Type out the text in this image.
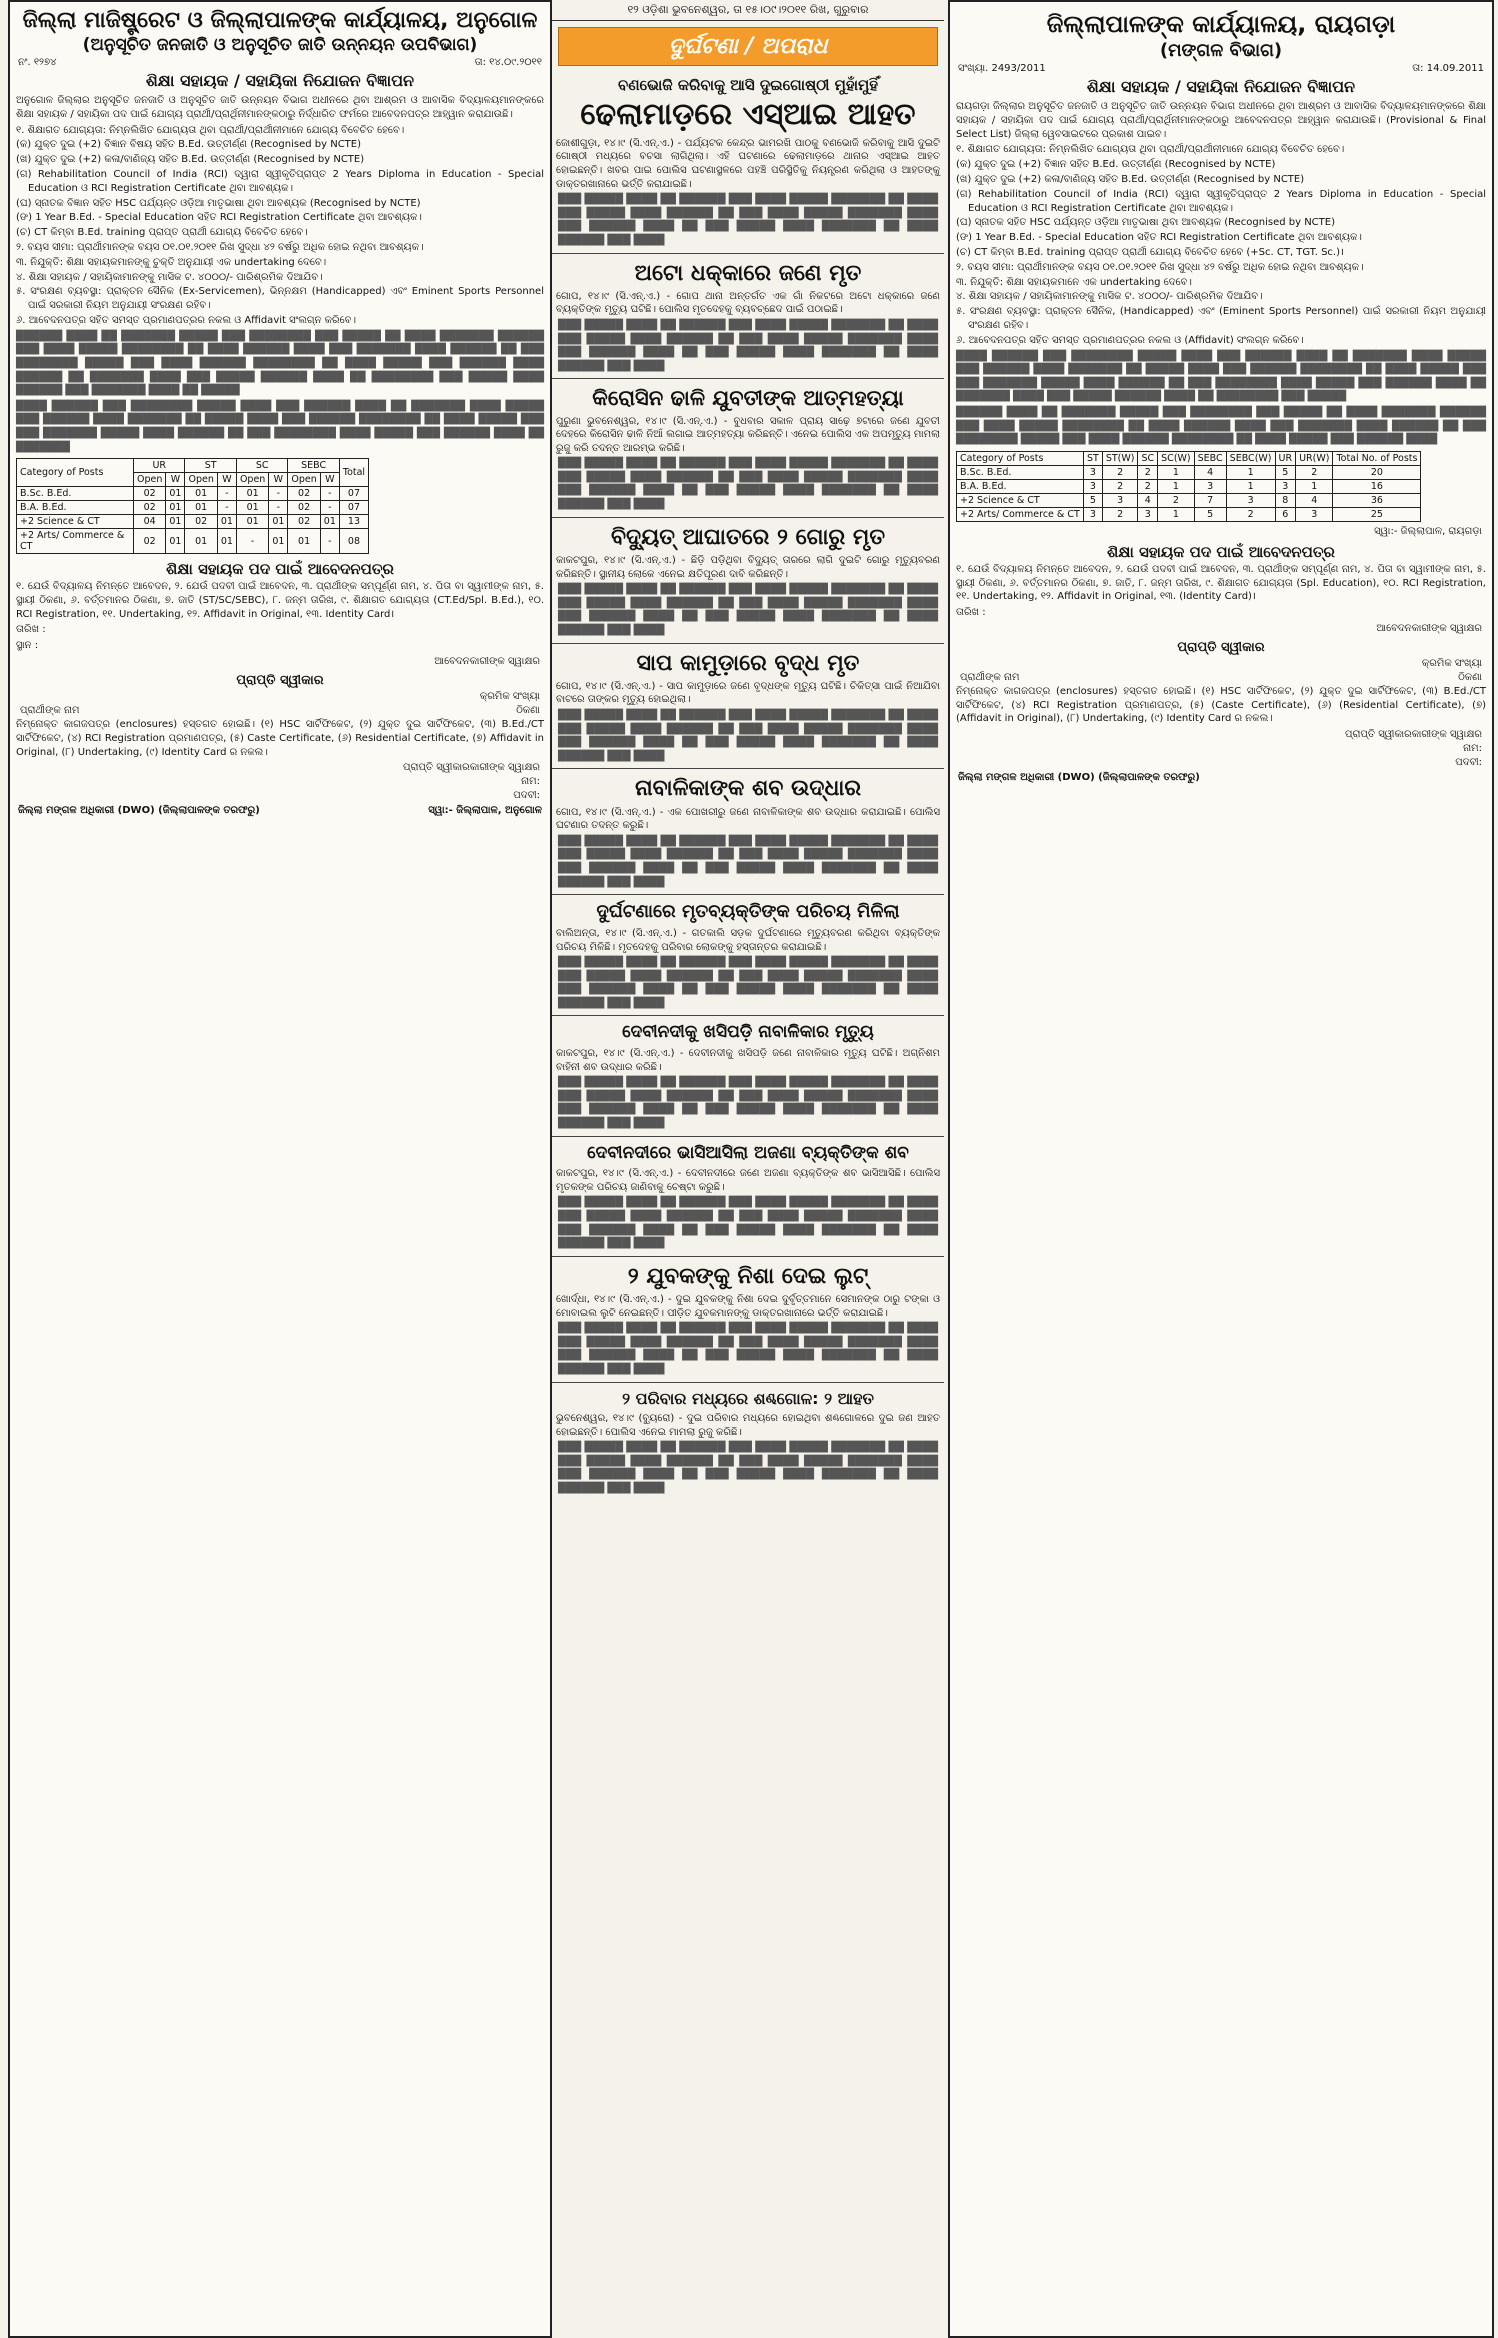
ଜିଲ୍ଲା ମାଜିଷ୍ଟ୍ରେଟ ଓ ଜିଲ୍ଲାପାଳଙ୍କ କାର୍ଯ୍ୟାଳୟ, ଅନୁଗୋଳ
(ଅନୁସୂଚିତ ଜନଜାତି ଓ ଅନୁସୂଚିତ ଜାତି ଉନ୍ନୟନ ଉପବିଭାଗ)
ନଂ. ୧୨୭୪	ତା: ୧୪.୦୯.୨୦୧୧
ଶିକ୍ଷା ସହାୟକ / ସହାୟିକା ନିଯୋଜନ ବିଜ୍ଞାପନ
ଅନୁଗୋଳ ଜିଲ୍ଲାର ଅନୁସୂଚିତ ଜନଜାତି ଓ ଅନୁସୂଚିତ ଜାତି ଉନ୍ନୟନ ବିଭାଗ ଅଧୀନରେ ଥିବା ଆଶ୍ରମ ଓ ଆବାସିକ ବିଦ୍ୟାଳୟମାନଙ୍କରେ ଶିକ୍ଷା ସହାୟକ / ସହାୟିକା ପଦ ପାଇଁ ଯୋଗ୍ୟ ପ୍ରାର୍ଥୀ/ପ୍ରାର୍ଥିନୀମାନଙ୍କଠାରୁ ନିର୍ଦ୍ଧାରିତ ଫର୍ମରେ ଆବେଦନପତ୍ର ଆହ୍ୱାନ କରାଯାଉଛି।
୧. ଶିକ୍ଷାଗତ ଯୋଗ୍ୟତା: ନିମ୍ନଲିଖିତ ଯୋଗ୍ୟତା ଥିବା ପ୍ରାର୍ଥୀ/ପ୍ରାର୍ଥୀନୀମାନେ ଯୋଗ୍ୟ ବିବେଚିତ ହେବେ।
(କ) ଯୁକ୍ତ ଦୁଇ (+2) ବିଜ୍ଞାନ ବିଷୟ ସହିତ B.Ed. ଉତ୍ତୀର୍ଣ୍ଣ (Recognised by NCTE)
(ଖ) ଯୁକ୍ତ ଦୁଇ (+2) କଳା/ବାଣିଜ୍ୟ ସହିତ B.Ed. ଉତ୍ତୀର୍ଣ୍ଣ (Recognised by NCTE)
(ଗ) Rehabilitation Council of India (RCI) ଦ୍ୱାରା ସ୍ୱୀକୃତିପ୍ରାପ୍ତ 2 Years Diploma in Education - Special Education ଓ RCI Registration Certificate ଥିବା ଆବଶ୍ୟକ।
(ଘ) ସ୍ନାତକ ବିଜ୍ଞାନ ସହିତ HSC ପର୍ଯ୍ୟନ୍ତ ଓଡ଼ିଆ ମାତୃଭାଷା ଥିବା ଆବଶ୍ୟକ (Recognised by NCTE)
(ଙ) 1 Year B.Ed. - Special Education ସହିତ RCI Registration Certificate ଥିବା ଆବଶ୍ୟକ।
(ଚ) CT କିମ୍ବା B.Ed. training ପ୍ରାପ୍ତ ପ୍ରାର୍ଥୀ ଯୋଗ୍ୟ ବିବେଚିତ ହେବେ।
୨. ବୟସ ସୀମା: ପ୍ରାର୍ଥୀମାନଙ୍କ ବୟସ ୦୧.୦୧.୨୦୧୧ ରିଖ ସୁଦ୍ଧା ୪୨ ବର୍ଷରୁ ଅଧିକ ହୋଇ ନଥିବା ଆବଶ୍ୟକ।
୩. ନିଯୁକ୍ତି: ଶିକ୍ଷା ସହାୟକମାନଙ୍କୁ ଚୁକ୍ତି ଅନୁଯାୟୀ ଏକ undertaking ଦେବେ।
୪. ଶିକ୍ଷା ସହାୟକ / ସହାୟିକାମାନଙ୍କୁ ମାସିକ ଟ. ୪୦୦୦/- ପାରିଶ୍ରମିକ ଦିଆଯିବ।
୫. ସଂରକ୍ଷଣ ବ୍ୟବସ୍ଥା: ପ୍ରାକ୍ତନ ସୈନିକ (Ex-Servicemen), ଭିନ୍ନକ୍ଷମ (Handicapped) ଏବଂ Eminent Sports Personnel ପାଇଁ ସରକାରୀ ନିୟମ ଅନୁଯାୟୀ ସଂରକ୍ଷଣ ରହିବ।
୬. ଆବେଦନପତ୍ର ସହିତ ସମସ୍ତ ପ୍ରମାଣପତ୍ରର ନକଲ ଓ Affidavit ସଂଲଗ୍ନ କରିବେ।
██████ ████ ██ ███████ █████ ███ ████████ ███ █████ ██ ████ ███████ ██████ ███ ████ █████ ████████ ██ ████ ██████ ████ ███ ███████ ████ ██████ ██ ███ ████████ █████ ███ ████ ██████ ████████ ██ ████ █████ ███ ██████ ████ ██████ ██ ███████ ████ ███ █████ ██████ ████ ██ ████████ ███ █████ ████ ██████ ███ ███████ ████ ██ █████
████ ██████ ███ ████████ █████ ████ ███ ██████ ████ ██ ███████ ████ █████ ███ ██████ ████ ███████ ██ █████ ████ ███ ██████ ████████ ██ ████ █████ ███ ███ ███████ █████ ████ ██████ ██ ███ ████████ ████ █████ ███ ██████ ████ ██ ███████
Category of Posts	UR		ST		SC		SEBC		Total
	Open	W	Open	W	Open	W	Open	W	
B.Sc. B.Ed.	02	01	01	-	01	-	02	-	07
B.A. B.Ed.	02	01	01	-	01	-	02	-	07
+2 Science & CT	04	01	02	01	01	01	02	01	13
+2 Arts/ Commerce & CT	02	01	01	01	-	01	01	-	08
ଶିକ୍ଷା ସହାୟକ ପଦ ପାଇଁ ଆବେଦନପତ୍ର
୧. ଯେଉଁ ବିଦ୍ୟାଳୟ ନିମନ୍ତେ ଆବେଦନ, ୨. ଯେଉଁ ପଦବୀ ପାଇଁ ଆବେଦନ, ୩. ପ୍ରାର୍ଥୀଙ୍କ ସମ୍ପୂର୍ଣ୍ଣ ନାମ, ୪. ପିତା ବା ସ୍ୱାମୀଙ୍କ ନାମ, ୫. ସ୍ଥାୟୀ ଠିକଣା, ୬. ବର୍ତ୍ତମାନର ଠିକଣା, ୭. ଜାତି (ST/SC/SEBC), ୮. ଜନ୍ମ ତାରିଖ, ୯. ଶିକ୍ଷାଗତ ଯୋଗ୍ୟତା (CT.Ed/Spl. B.Ed.), ୧୦. RCI Registration, ୧୧. Undertaking, ୧୨. Affidavit in Original, ୧୩. Identity Card।
ତାରିଖ :
ସ୍ଥାନ :
ଆବେଦନକାରୀଙ୍କ ସ୍ୱାକ୍ଷର
ପ୍ରାପ୍ତି ସ୍ୱୀକାର
କ୍ରମିକ ସଂଖ୍ୟା
ପ୍ରାର୍ଥୀଙ୍କ ନାମ	ଠିକଣା
ନିମ୍ନୋକ୍ତ କାଗଜପତ୍ର (enclosures) ହସ୍ତଗତ ହୋଇଛି। (୧) HSC ସାର୍ଟିଫିକେଟ, (୨) ଯୁକ୍ତ ଦୁଇ ସାର୍ଟିଫିକେଟ, (୩) B.Ed./CT ସାର୍ଟିଫିକେଟ, (୪) RCI Registration ପ୍ରମାଣପତ୍ର, (୫) Caste Certificate, (୬) Residential Certificate, (୭) Affidavit in Original, (୮) Undertaking, (୯) Identity Card ର ନକଲ।
ପ୍ରାପ୍ତି ସ୍ୱୀକାରକାରୀଙ୍କ ସ୍ୱାକ୍ଷର
ନାମ:
ପଦବୀ:
ଜିଲ୍ଲା ମଙ୍ଗଳ ଅଧିକାରୀ (DWO) (ଜିଲ୍ଲାପାଳଙ୍କ ତରଫରୁ)	ସ୍ୱା:- ଜିଲ୍ଲାପାଳ, ଅନୁଗୋଳ
୧୨ ଓଡ଼ିଶା ଭୁବନେଶ୍ୱର, ତା ୧୫।୦୯।୨୦୧୧ ରିଖ, ଗୁରୁବାର
ଦୁର୍ଘଟଣା / ଅପରାଧ
ବଣଭୋଜି କରିବାକୁ ଆସି ଦୁଇଗୋଷ୍ଠୀ ମୁହାଁମୁହିଁ
ଢେଲାମାଡ଼ରେ ଏସ୍‌ଆଇ ଆହତ
ଜୋଶୀଗୁଡ଼ା, ୧୪।୯ (ସି.ଏନ୍‌.ଏ.) - ପର୍ଯ୍ୟଟକ କେନ୍ଦ୍ର ଭାମରଖି ପାଠକୁ ବଣଭୋଜି କରିବାକୁ ଆସି ଦୁଇଟି ଗୋଷ୍ଠୀ ମଧ୍ୟରେ ବଚସା ଲାଗିଥିଲା। ଏହି ଘଟଣାରେ ଢେଲାମାଡ଼ରେ ଥାନାର ଏସ୍‌ଆଇ ଆହତ ହୋଇଛନ୍ତି। ଖବର ପାଇ ପୋଲିସ ଘଟଣାସ୍ଥଳରେ ପହଞ୍ଚି ପରିସ୍ଥିତିକୁ ନିୟନ୍ତ୍ରଣ କରିଥିଲା ଓ ଆହତଙ୍କୁ ଡାକ୍ତରଖାନାରେ ଭର୍ତ୍ତି କରାଯାଇଛି।
███ █████ ████ ██ ██████ ███ ████ █████ ███████ ██ ████ ███ █████ ████ ██████ ██ ███ ████ █████ ███████ ████ ███ ██████ ████ ██ ███ █████ ████ ███████ ██ ████ ██████ ███ ████
ଅଟୋ ଧକ୍କାରେ ଜଣେ ମୃତ
ଗୋପ, ୧୪।୯ (ସି.ଏନ୍‌.ଏ.) - ଗୋପ ଥାନା ଅନ୍ତର୍ଗତ ଏକ ଗାଁ ନିକଟରେ ଅଟୋ ଧକ୍କାରେ ଜଣେ ବ୍ୟକ୍ତିଙ୍କ ମୃତ୍ୟୁ ଘଟିଛି। ପୋଲିସ ମୃତଦେହକୁ ବ୍ୟବଚ୍ଛେଦ ପାଇଁ ପଠାଇଛି।
███ █████ ████ ██ ██████ ███ ████ █████ ███████ ██ ████ ███ █████ ████ ██████ ██ ███ ████ █████ ███████ ████ ███ ██████ ████ ██ ███ █████ ████ ███████ ██ ████ ██████ ███ ████
କିରୋସିନ ଢାଳି ଯୁବତୀଙ୍କ ଆତ୍ମହତ୍ୟା
ପୁରୁଣା ଭୁବନେଶ୍ୱର, ୧୪।୯ (ସି.ଏନ୍‌.ଏ.) - ବୁଧବାର ସକାଳ ପ୍ରାୟ ସାଢ଼େ ୭ଟାରେ ଜଣେ ଯୁବତୀ ଦେହରେ କିରୋସିନ ଢାଳି ନିଆଁ ଲଗାଇ ଆତ୍ମହତ୍ୟା କରିଛନ୍ତି। ଏନେଇ ପୋଲିସ ଏକ ଅପମୃତ୍ୟୁ ମାମଲା ରୁଜୁ କରି ତଦନ୍ତ ଆରମ୍ଭ କରିଛି।
███ █████ ████ ██ ██████ ███ ████ █████ ███████ ██ ████ ███ █████ ████ ██████ ██ ███ ████ █████ ███████ ████ ███ ██████ ████ ██ ███ █████ ████ ███████ ██ ████ ██████ ███ ████
ବିଦ୍ୟୁତ୍ ଆଘାତରେ ୨ ଗୋରୁ ମୃତ
କାକଟପୁର, ୧୪।୯ (ସି.ଏନ୍‌.ଏ.) - ଛିଡ଼ି ପଡ଼ିଥିବା ବିଦ୍ୟୁତ୍ ତାରରେ ଲାଗି ଦୁଇଟି ଗୋରୁ ମୃତ୍ୟୁବରଣ କରିଛନ୍ତି। ସ୍ଥାନୀୟ ଲୋକେ ଏନେଇ କ୍ଷତିପୂରଣ ଦାବି କରିଛନ୍ତି।
███ █████ ████ ██ ██████ ███ ████ █████ ███████ ██ ████ ███ █████ ████ ██████ ██ ███ ████ █████ ███████ ████ ███ ██████ ████ ██ ███ █████ ████ ███████ ██ ████ ██████ ███ ████
ସାପ କାମୁଡ଼ାରେ ବୃଦ୍ଧ ମୃତ
ଗୋପ, ୧୪।୯ (ସି.ଏନ୍‌.ଏ.) - ସାପ କାମୁଡ଼ାରେ ଜଣେ ବୃଦ୍ଧଙ୍କ ମୃତ୍ୟୁ ଘଟିଛି। ଚିକିତ୍ସା ପାଇଁ ନିଆଯିବା ବାଟରେ ତାଙ୍କର ମୃତ୍ୟୁ ହୋଇଥିଲା।
███ █████ ████ ██ ██████ ███ ████ █████ ███████ ██ ████ ███ █████ ████ ██████ ██ ███ ████ █████ ███████ ████ ███ ██████ ████ ██ ███ █████ ████ ███████ ██ ████ ██████ ███ ████
ନାବାଳିକାଙ୍କ ଶବ ଉଦ୍ଧାର
ଗୋପ, ୧୪।୯ (ସି.ଏନ୍‌.ଏ.) - ଏକ ପୋଖରୀରୁ ଜଣେ ନାବାଳିକାଙ୍କ ଶବ ଉଦ୍ଧାର କରାଯାଇଛି। ପୋଲିସ ଘଟଣାର ତଦନ୍ତ କରୁଛି।
███ █████ ████ ██ ██████ ███ ████ █████ ███████ ██ ████ ███ █████ ████ ██████ ██ ███ ████ █████ ███████ ████ ███ ██████ ████ ██ ███ █████ ████ ███████ ██ ████ ██████ ███ ████
ଦୁର୍ଘଟଣାରେ ମୃତବ୍ୟକ୍ତିଙ୍କ ପରିଚୟ ମିଳିଲା
ବାଲିଅନ୍ତା, ୧୪।୯ (ସି.ଏନ୍‌.ଏ.) - ଗତକାଲି ସଡ଼କ ଦୁର୍ଘଟଣାରେ ମୃତ୍ୟୁବରଣ କରିଥିବା ବ୍ୟକ୍ତିଙ୍କ ପରିଚୟ ମିଳିଛି। ମୃତଦେହକୁ ପରିବାର ଲୋକଙ୍କୁ ହସ୍ତାନ୍ତର କରାଯାଇଛି।
███ █████ ████ ██ ██████ ███ ████ █████ ███████ ██ ████ ███ █████ ████ ██████ ██ ███ ████ █████ ███████ ████ ███ ██████ ████ ██ ███ █████ ████ ███████ ██ ████ ██████ ███ ████
ଦେବୀନଦୀକୁ ଖସିପଡ଼ି ନାବାଳିକାର ମୃତ୍ୟୁ
କାକଟପୁର, ୧୪।୯ (ସି.ଏନ୍‌.ଏ.) - ଦେବୀନଦୀକୁ ଖସିପଡ଼ି ଜଣେ ନାବାଳିକାର ମୃତ୍ୟୁ ଘଟିଛି। ଅଗ୍ନିଶମ ବାହିନୀ ଶବ ଉଦ୍ଧାର କରିଛି।
███ █████ ████ ██ ██████ ███ ████ █████ ███████ ██ ████ ███ █████ ████ ██████ ██ ███ ████ █████ ███████ ████ ███ ██████ ████ ██ ███ █████ ████ ███████ ██ ████ ██████ ███ ████
ଦେବୀନଦୀରେ ଭାସିଆସିଲା ଅଜଣା ବ୍ୟକ୍ତିଙ୍କ ଶବ
କାକଟପୁର, ୧୪।୯ (ସି.ଏନ୍‌.ଏ.) - ଦେବୀନଦୀରେ ଜଣେ ଅଜଣା ବ୍ୟକ୍ତିଙ୍କ ଶବ ଭାସିଆସିଛି। ପୋଲିସ ମୃତକଙ୍କ ପରିଚୟ ଜାଣିବାକୁ ଚେଷ୍ଟା କରୁଛି।
███ █████ ████ ██ ██████ ███ ████ █████ ███████ ██ ████ ███ █████ ████ ██████ ██ ███ ████ █████ ███████ ████ ███ ██████ ████ ██ ███ █████ ████ ███████ ██ ████ ██████ ███ ████
୨ ଯୁବକଙ୍କୁ ନିଶା ଦେଇ ଲୁଟ୍
ଖୋର୍ଦ୍ଧା, ୧୪।୯ (ସି.ଏନ୍‌.ଏ.) - ଦୁଇ ଯୁବକଙ୍କୁ ନିଶା ଦେଇ ଦୁର୍ବୃତ୍ତମାନେ ସେମାନଙ୍କ ଠାରୁ ଟଙ୍କା ଓ ମୋବାଇଲ ଲୁଟି ନେଇଛନ୍ତି। ପୀଡ଼ିତ ଯୁବକମାନଙ୍କୁ ଡାକ୍ତରଖାନାରେ ଭର୍ତ୍ତି କରାଯାଇଛି।
███ █████ ████ ██ ██████ ███ ████ █████ ███████ ██ ████ ███ █████ ████ ██████ ██ ███ ████ █████ ███████ ████ ███ ██████ ████ ██ ███ █████ ████ ███████ ██ ████ ██████ ███ ████
୨ ପରିବାର ମଧ୍ୟରେ ଶଣ୍ଢଗୋଳ: ୨ ଆହତ
ଭୁବନେଶ୍ୱର, ୧୪।୯ (ବ୍ୟୁରୋ) - ଦୁଇ ପରିବାର ମଧ୍ୟରେ ହୋଇଥିବା ଶଣ୍ଢଗୋଳରେ ଦୁଇ ଜଣ ଆହତ ହୋଇଛନ୍ତି। ପୋଲିସ ଏନେଇ ମାମଲା ରୁଜୁ କରିଛି।
███ █████ ████ ██ ██████ ███ ████ █████ ███████ ██ ████ ███ █████ ████ ██████ ██ ███ ████ █████ ███████ ████ ███ ██████ ████ ██ ███ █████ ████ ███████ ██ ████ ██████ ███ ████
ଜିଲ୍ଲାପାଳଙ୍କ କାର୍ଯ୍ୟାଳୟ, ରାୟଗଡ଼ା
(ମଙ୍ଗଳ ବିଭାଗ)
ସଂଖ୍ୟା. 2493/2011	ତା: 14.09.2011
ଶିକ୍ଷା ସହାୟକ / ସହାୟିକା ନିଯୋଜନ ବିଜ୍ଞାପନ
ରାୟଗଡ଼ା ଜିଲ୍ଲାର ଅନୁସୂଚିତ ଜନଜାତି ଓ ଅନୁସୂଚିତ ଜାତି ଉନ୍ନୟନ ବିଭାଗ ଅଧୀନରେ ଥିବା ଆଶ୍ରମ ଓ ଆବାସିକ ବିଦ୍ୟାଳୟମାନଙ୍କରେ ଶିକ୍ଷା ସହାୟକ / ସହାୟିକା ପଦ ପାଇଁ ଯୋଗ୍ୟ ପ୍ରାର୍ଥୀ/ପ୍ରାର୍ଥିନୀମାନଙ୍କଠାରୁ ଆବେଦନପତ୍ର ଆହ୍ୱାନ କରାଯାଉଛି। (Provisional & Final Select List) ଜିଲ୍ଲା ୱେବସାଇଟରେ ପ୍ରକାଶ ପାଇବ।
୧. ଶିକ୍ଷାଗତ ଯୋଗ୍ୟତା: ନିମ୍ନଲିଖିତ ଯୋଗ୍ୟତା ଥିବା ପ୍ରାର୍ଥୀ/ପ୍ରାର୍ଥୀନୀମାନେ ଯୋଗ୍ୟ ବିବେଚିତ ହେବେ।
(କ) ଯୁକ୍ତ ଦୁଇ (+2) ବିଜ୍ଞାନ ସହିତ B.Ed. ଉତ୍ତୀର୍ଣ୍ଣ (Recognised by NCTE)
(ଖ) ଯୁକ୍ତ ଦୁଇ (+2) କଳା/ବାଣିଜ୍ୟ ସହିତ B.Ed. ଉତ୍ତୀର୍ଣ୍ଣ (Recognised by NCTE)
(ଗ) Rehabilitation Council of India (RCI) ଦ୍ୱାରା ସ୍ୱୀକୃତିପ୍ରାପ୍ତ 2 Years Diploma in Education - Special Education ଓ RCI Registration Certificate ଥିବା ଆବଶ୍ୟକ।
(ଘ) ସ୍ନାତକ ସହିତ HSC ପର୍ଯ୍ୟନ୍ତ ଓଡ଼ିଆ ମାତୃଭାଷା ଥିବା ଆବଶ୍ୟକ (Recognised by NCTE)
(ଙ) 1 Year B.Ed. - Special Education ସହିତ RCI Registration Certificate ଥିବା ଆବଶ୍ୟକ।
(ଚ) CT କିମ୍ବା B.Ed. training ପ୍ରାପ୍ତ ପ୍ରାର୍ଥୀ ଯୋଗ୍ୟ ବିବେଚିତ ହେବେ (+Sc. CT, TGT. Sc.)।
୨. ବୟସ ସୀମା: ପ୍ରାର୍ଥୀମାନଙ୍କ ବୟସ ୦୧.୦୧.୨୦୧୧ ରିଖ ସୁଦ୍ଧା ୪୨ ବର୍ଷରୁ ଅଧିକ ହୋଇ ନଥିବା ଆବଶ୍ୟକ।
୩. ନିଯୁକ୍ତି: ଶିକ୍ଷା ସହାୟକମାନେ ଏକ undertaking ଦେବେ।
୪. ଶିକ୍ଷା ସହାୟକ / ସହାୟିକାମାନଙ୍କୁ ମାସିକ ଟ. ୪୦୦୦/- ପାରିଶ୍ରମିକ ଦିଆଯିବ।
୫. ସଂରକ୍ଷଣ ବ୍ୟବସ୍ଥା: ପ୍ରାକ୍ତନ ସୈନିକ, (Handicapped) ଏବଂ (Eminent Sports Personnel) ପାଇଁ ସରକାରୀ ନିୟମ ଅନୁଯାୟୀ ସଂରକ୍ଷଣ ରହିବ।
୬. ଆବେଦନପତ୍ର ସହିତ ସମସ୍ତ ପ୍ରମାଣପତ୍ରର ନକଲ ଓ (Affidavit) ସଂଲଗ୍ନ କରିବେ।
████ ██████ ███ ████████ █████ ████ ███ ██████ ████ ██ ███████ ████ █████ ███ ██████ ████ ███████ ██ █████ ████ ███ ██████ ████████ ██ ████ █████ ███ ███ ███████ █████ ████ ██████ ██ ███ ████████ ████ █████ ███ ██████ ████ ██ ███████ ████ ███ █████ ██████ ████ ██ ████████ ███ █████
██████ ████ ██ ███████ █████ ███ ████████ ███ █████ ██ ████ ███████ ██████ ███ ████ █████ ████████ ██ ████ ██████ ████ ███ ███████ ████ ██████ ██ ███ ████████ █████ ███ ████ ██████ ████████ ██ ████ █████ ███ ██████ ████
Category of Posts	ST	ST(W)	SC	SC(W)	SEBC	SEBC(W)	UR	UR(W)	Total No. of Posts
B.Sc. B.Ed.	3	2	2	1	4	1	5	2	20
B.A. B.Ed.	3	2	2	1	3	1	3	1	16
+2 Science & CT	5	3	4	2	7	3	8	4	36
+2 Arts/ Commerce & CT	3	2	3	1	5	2	6	3	25
ସ୍ୱା:- ଜିଲ୍ଲାପାଳ, ରାୟଗଡ଼ା
ଶିକ୍ଷା ସହାୟକ ପଦ ପାଇଁ ଆବେଦନପତ୍ର
୧. ଯେଉଁ ବିଦ୍ୟାଳୟ ନିମନ୍ତେ ଆବେଦନ, ୨. ଯେଉଁ ପଦବୀ ପାଇଁ ଆବେଦନ, ୩. ପ୍ରାର୍ଥୀଙ୍କ ସମ୍ପୂର୍ଣ୍ଣ ନାମ, ୪. ପିତା ବା ସ୍ୱାମୀଙ୍କ ନାମ, ୫. ସ୍ଥାୟୀ ଠିକଣା, ୬. ବର୍ତ୍ତମାନର ଠିକଣା, ୭. ଜାତି, ୮. ଜନ୍ମ ତାରିଖ, ୯. ଶିକ୍ଷାଗତ ଯୋଗ୍ୟତା (Spl. Education), ୧୦. RCI Registration, ୧୧. Undertaking, ୧୨. Affidavit in Original, ୧୩. (Identity Card)।
ତାରିଖ :
ଆବେଦନକାରୀଙ୍କ ସ୍ୱାକ୍ଷର
ପ୍ରାପ୍ତି ସ୍ୱୀକାର
କ୍ରମିକ ସଂଖ୍ୟା
ପ୍ରାର୍ଥୀଙ୍କ ନାମ	ଠିକଣା
ନିମ୍ନୋକ୍ତ କାଗଜପତ୍ର (enclosures) ହସ୍ତଗତ ହୋଇଛି। (୧) HSC ସାର୍ଟିଫିକେଟ, (୨) ଯୁକ୍ତ ଦୁଇ ସାର୍ଟିଫିକେଟ, (୩) B.Ed./CT ସାର୍ଟିଫିକେଟ, (୪) RCI Registration ପ୍ରମାଣପତ୍ର, (୫) (Caste Certificate), (୬) (Residential Certificate), (୭) (Affidavit in Original), (୮) Undertaking, (୯) Identity Card ର ନକଲ।
ପ୍ରାପ୍ତି ସ୍ୱୀକାରକାରୀଙ୍କ ସ୍ୱାକ୍ଷର
ନାମ:
ପଦବୀ:
ଜିଲ୍ଲା ମଙ୍ଗଳ ଅଧିକାରୀ (DWO) (ଜିଲ୍ଲାପାଳଙ୍କ ତରଫରୁ)
